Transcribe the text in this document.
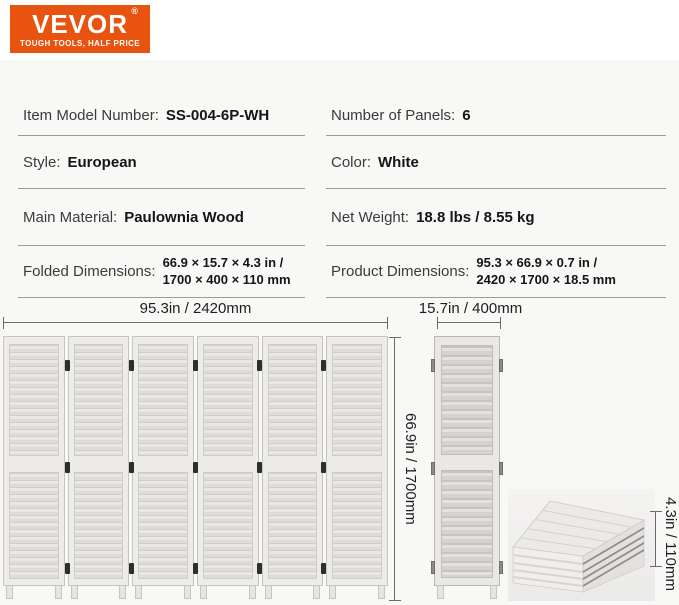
VEVOR ®
TOUGH TOOLS, HALF PRICE
Item Model Number: SS-004-6P-WH
Style: European
Main Material: Paulownia Wood
Folded Dimensions:
66.9 × 15.7 × 4.3 in /
1700 × 400 × 110 mm
Number of Panels: 6
Color: White
Net Weight: 18.8 lbs / 8.55 kg
Product Dimensions:
95.3 × 66.9 × 0.7 in /
2420 × 1700 × 18.5 mm
95.3in / 2420mm	15.7in / 400mm
66.9in / 1700mm
4.3in / 110mm
